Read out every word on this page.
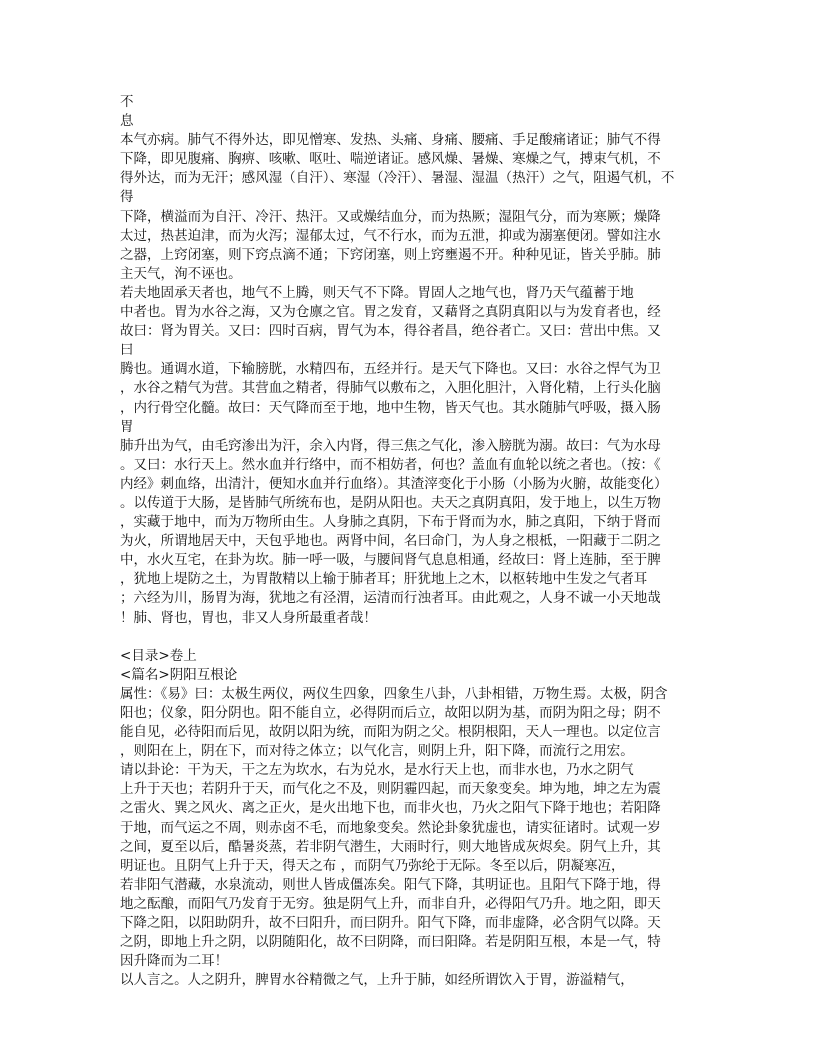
不
息
本气亦病。肺气不得外达，即见憎寒、发热、头痛、身痛、腰痛、手足酸痛诸证；肺气不得
下降，即见腹痛、胸痹、咳嗽、呕吐、喘逆诸证。感风燥、暑燥、寒燥之气，搏束气机，不
得外达，而为无汗；感风湿（自汗）、寒湿（冷汗）、暑湿、湿温（热汗）之气，阻遏气机，不
得
下降，横溢而为自汗、冷汗、热汗。又或燥结血分，而为热厥；湿阻气分，而为寒厥；燥降
太过，热甚迫津，而为火泻；湿郁太过，气不行水，而为五泄，抑或为溺塞便闭。譬如注水
之器，上窍闭塞，则下窍点滴不通；下窍闭塞，则上窍壅遏不开。种种见证，皆关乎肺。肺
主天气，洵不诬也。
若夫地固承天者也，地气不上腾，则天气不下降。胃固人之地气也，肾乃天气蕴蓄于地
中者也。胃为水谷之海，又为仓廪之官。胃之发育，又藉肾之真阴真阳以与为发育者也，经
故曰：肾为胃关。又曰：四时百病，胃气为本，得谷者昌，绝谷者亡。又曰：营出中焦。又
曰
腾也。通调水道，下输膀胱，水精四布，五经并行。是天气下降也。又曰：水谷之悍气为卫
，水谷之精气为营。其营血之精者，得肺气以敷布之，入胆化胆汁，入肾化精，上行头化脑
，内行骨空化髓。故曰：天气降而至于地，地中生物，皆天气也。其水随肺气呼吸，摄入肠
胃
肺升出为气，由毛窍渗出为汗，余入内肾，得三焦之气化，渗入膀胱为溺。故曰：气为水母
。又曰：水行天上。然水血并行络中，而不相妨者，何也？盖血有血轮以统之者也。（按：《
内经》刺血络，出清汁，便知水血并行血络）。其渣滓变化于小肠（小肠为火腑，故能变化）
。以传道于大肠，是皆肺气所统布也，是阴从阳也。夫天之真阴真阳，发于地上，以生万物
，实藏于地中，而为万物所由生。人身肺之真阴，下布于肾而为水，肺之真阳，下纳于肾而
为火，所谓地居天中，天包乎地也。两肾中间，名曰命门，为人身之根柢，一阳藏于二阴之
中，水火互宅，在卦为坎。肺一呼一吸，与腰间肾气息息相通，经故曰：肾上连肺，至于脾
，犹地上堤防之土，为胃散精以上输于肺者耳；肝犹地上之木，以枢转地中生发之气者耳
；六经为川，肠胃为海，犹地之有泾渭，运清而行浊者耳。由此观之，人身不诚一小天地哉
！肺、肾也，胃也，非又人身所最重者哉！
<目录>卷上
<篇名>阴阳互根论
属性：《易》曰：太极生两仪，两仪生四象，四象生八卦，八卦相错，万物生焉。太极，阴含
阳也；仪象，阳分阴也。阳不能自立，必得阴而后立，故阳以阴为基，而阴为阳之母；阴不
能自见，必待阳而后见，故阴以阳为统，而阳为阴之父。根阴根阳，天人一理也。以定位言
，则阳在上，阴在下，而对待之体立；以气化言，则阴上升，阳下降，而流行之用宏。
请以卦论：干为天，干之左为坎水，右为兑水，是水行天上也，而非水也，乃水之阴气
上升于天也；若阴升于天，而气化之不及，则阴霾四起，而天象变矣。坤为地，坤之左为震
之雷火、巽之风火、离之正火，是火出地下也，而非火也，乃火之阳气下降于地也；若阳降
于地，而气运之不周，则赤卤不毛，而地象变矣。然论卦象犹虚也，请实征诸时。试观一岁
之间，夏至以后，酷暑炎蒸，若非阴气潜生，大雨时行，则大地皆成灰烬矣。阴气上升，其
明证也。且阴气上升于天，得天之布 ，而阴气乃弥纶于无际。冬至以后，阴凝寒冱，
若非阳气潜藏，水泉流动，则世人皆成僵冻矣。阳气下降，其明证也。且阳气下降于地，得
地之酝酿，而阳气乃发育于无穷。独是阴气上升，而非自升，必得阳气乃升。地之阳，即天
下降之阳，以阳助阴升，故不曰阳升，而曰阴升。阳气下降，而非虚降，必含阴气以降。天
之阴，即地上升之阴，以阴随阳化，故不曰阴降，而曰阳降。若是阴阳互根，本是一气，特
因升降而为二耳！
以人言之。人之阴升，脾胃水谷精微之气，上升于肺，如经所谓饮入于胃，游溢精气，
